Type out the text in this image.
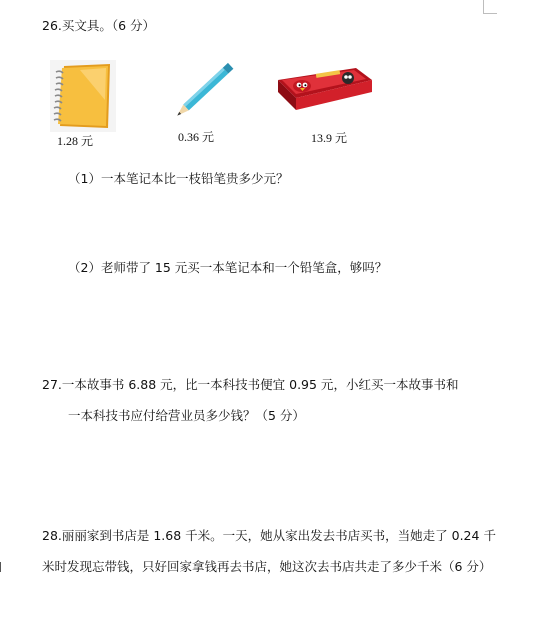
26.买文具。（6 分）
1.28 元	0.36 元	13.9 元
（1）一本笔记本比一枝铅笔贵多少元？
（2）老师带了 15 元买一本笔记本和一个铅笔盒，够吗？
27.一本故事书 6.88 元，比一本科技书便宜 0.95 元，小红买一本故事书和
一本科技书应付给营业员多少钱？（5 分）
28.丽丽家到书店是 1.68 千米。一天，她从家出发去书店买书，当她走了 0.24 千
米时发现忘带钱，只好回家拿钱再去书店，她这次去书店共走了多少千米（6 分）
